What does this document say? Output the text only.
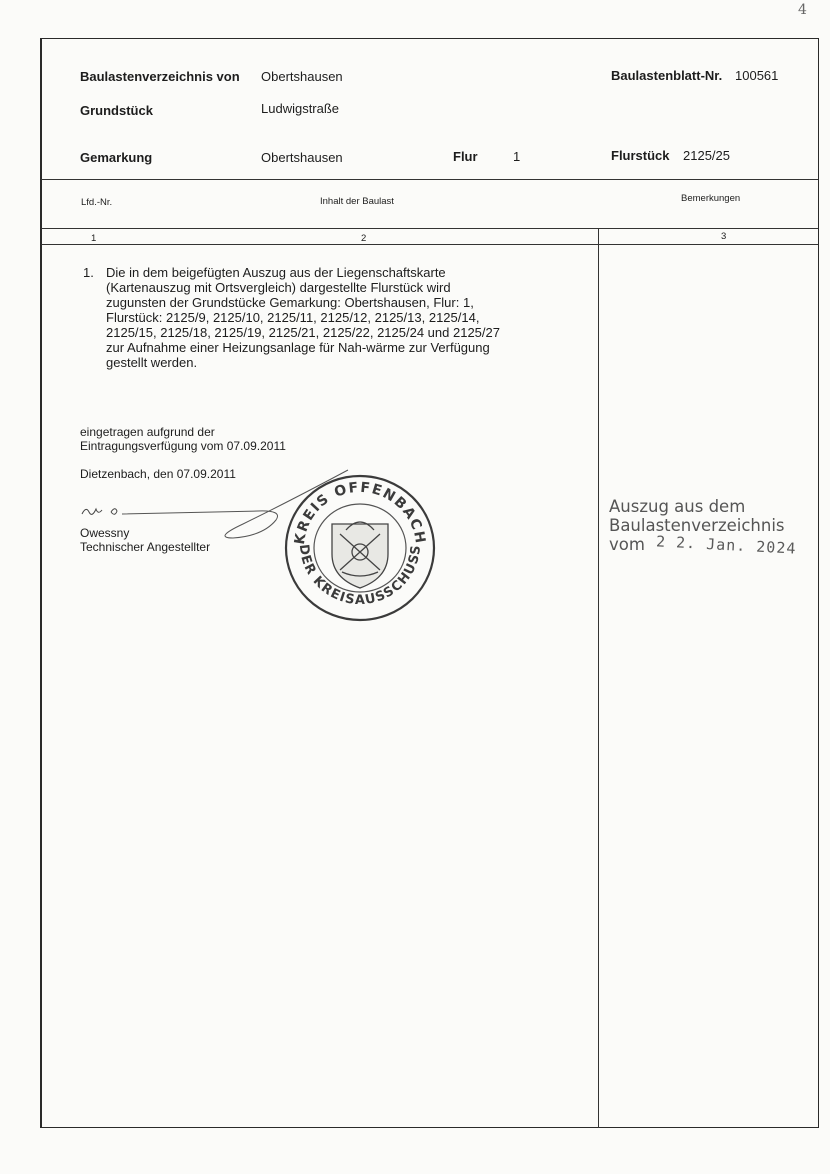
4
Baulastenverzeichnis von Obertshausen	Baulastenblatt-Nr. 100561
Grundstück	Ludwigstraße
Gemarkung	Obertshausen	Flur	1	Flurstück 2125/25
Lfd.-Nr.	Inhalt der Baulast	Bemerkungen
1	2	3
1. Die in dem beigefügten Auszug aus der Liegenschaftskarte
(Kartenauszug mit Ortsvergleich) dargestellte Flurstück wird
zugunsten der Grundstücke Gemarkung: Obertshausen, Flur: 1,
Flurstück: 2125/9, 2125/10, 2125/11, 2125/12, 2125/13, 2125/14,
2125/15, 2125/18, 2125/19, 2125/21, 2125/22, 2125/24 und 2125/27
zur Aufnahme einer Heizungsanlage für Nah-wärme zur Verfügung
gestellt werden.
eingetragen aufgrund der
Eintragungsverfügung vom 07.09.2011
Dietzenbach, den 07.09.2011
Owessny
Technischer Angestellter
KREIS OFFENBACH
DER KREISAUSSCHUSS
Auszug aus dem
Baulastenverzeichnis
vom 2 2. Jan. 2024
